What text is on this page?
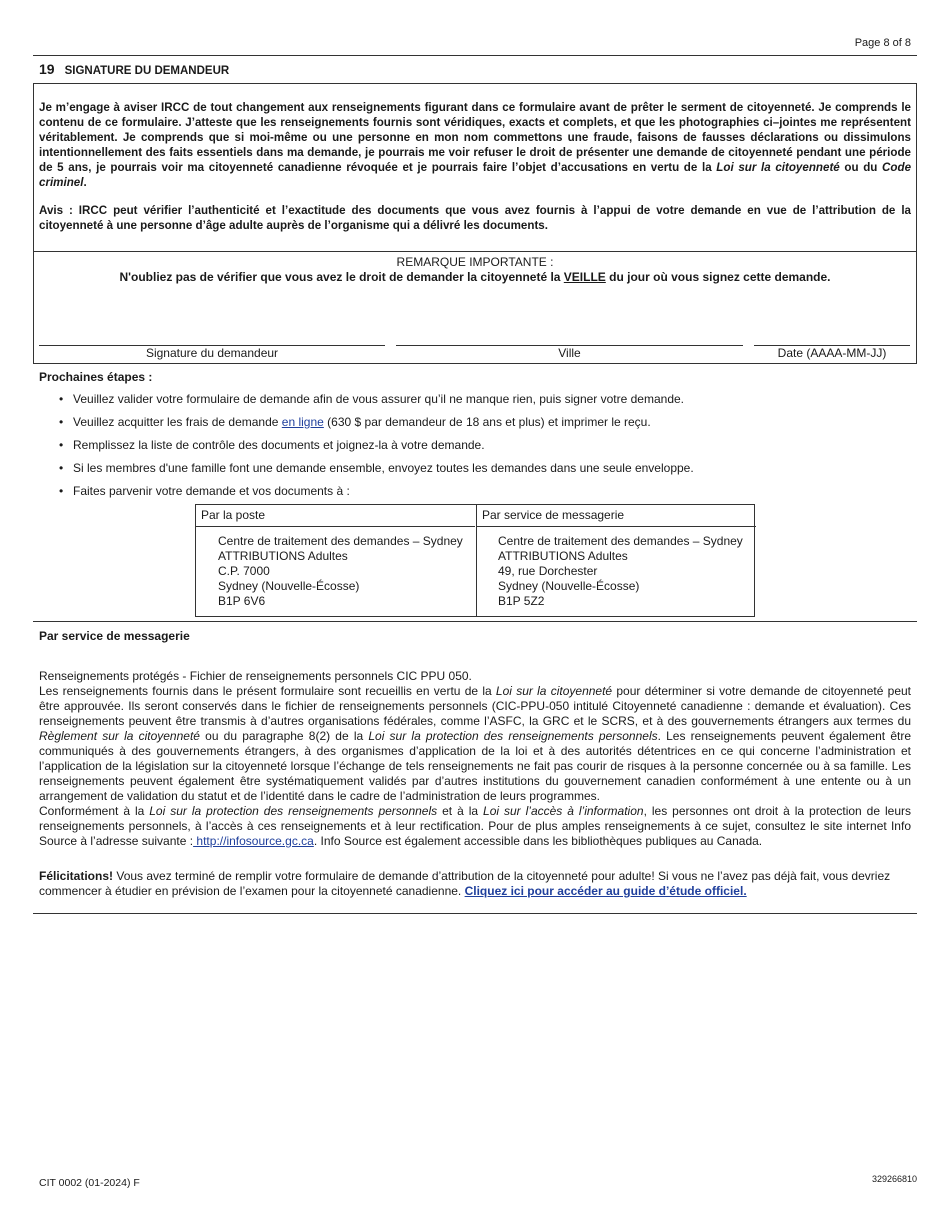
Page 8 of 8
19 SIGNATURE DU DEMANDEUR

Je m’engage à aviser IRCC de tout changement aux renseignements figurant dans ce formulaire avant de prêter le serment de citoyenneté. Je comprends le contenu de ce formulaire. J’atteste que les renseignements fournis sont véridiques, exacts et complets, et que les photographies ci–jointes me représentent véritablement. Je comprends que si moi-même ou une personne en mon nom commettons une fraude, faisons de fausses déclarations ou dissimulons intentionnellement des faits essentiels dans ma demande, je pourrais me voir refuser le droit de présenter une demande de citoyenneté pendant une période de 5 ans, je pourrais voir ma citoyenneté canadienne révoquée et je pourrais faire l’objet d’accusations en vertu de la Loi sur la citoyenneté ou du Code criminel.

Avis : IRCC peut vérifier l’authenticité et l’exactitude des documents que vous avez fournis à l’appui de votre demande en vue de l’attribution de la citoyenneté à une personne d’âge adulte auprès de l’organisme qui a délivré les documents.

REMARQUE IMPORTANTE :
N'oubliez pas de vérifier que vous avez le droit de demander la citoyenneté la VEILLE du jour où vous signez cette demande.
Signature du demandeur	Ville	Date (AAAA-MM-JJ)
Prochaines étapes :
• Veuillez valider votre formulaire de demande afin de vous assurer qu’il ne manque rien, puis signer votre demande.
• Veuillez acquitter les frais de demande en ligne (630 $ par demandeur de 18 ans et plus) et imprimer le reçu.
• Remplissez la liste de contrôle des documents et joignez-la à votre demande.
• Si les membres d'une famille font une demande ensemble, envoyez toutes les demandes dans une seule enveloppe.
• Faites parvenir votre demande et vos documents à :
Par la poste
Centre de traitement des demandes – Sydney
ATTRIBUTIONS Adultes
C.P. 7000
Sydney (Nouvelle-Écosse)
B1P 6V6
Par service de messagerie
Centre de traitement des demandes – Sydney
ATTRIBUTIONS Adultes
49, rue Dorchester
Sydney (Nouvelle-Écosse)
B1P 5Z2
Par service de messagerie

Renseignements protégés - Fichier de renseignements personnels CIC PPU 050.

Les renseignements fournis dans le présent formulaire sont recueillis en vertu de la Loi sur la citoyenneté pour déterminer si votre demande de citoyenneté peut être approuvée. Ils seront conservés dans le fichier de renseignements personnels (CIC-PPU-050 intitulé Citoyenneté canadienne : demande et évaluation). Ces renseignements peuvent être transmis à d’autres organisations fédérales, comme l’ASFC, la GRC et le SCRS, et à des gouvernements étrangers aux termes du Règlement sur la citoyenneté ou du paragraphe 8(2) de la Loi sur la protection des renseignements personnels. Les renseignements peuvent également être communiqués à des gouvernements étrangers, à des organismes d’application de la loi et à des autorités détentrices en ce qui concerne l’administration et l’application de la législation sur la citoyenneté lorsque l’échange de tels renseignements ne fait pas courir de risques à la personne concernée ou à sa famille. Les renseignements peuvent également être systématiquement validés par d’autres institutions du gouvernement canadien conformément à une entente ou à un arrangement de validation du statut et de l’identité dans le cadre de l’administration de leurs programmes.

Conformément à la Loi sur la protection des renseignements personnels et à la Loi sur l’accès à l’information, les personnes ont droit à la protection de leurs renseignements personnels, à l’accès à ces renseignements et à leur rectification. Pour de plus amples renseignements à ce sujet, consultez le site internet Info Source à l’adresse suivante : http://infosource.gc.ca. Info Source est également accessible dans les bibliothèques publiques au Canada.

Félicitations! Vous avez terminé de remplir votre formulaire de demande d’attribution de la citoyenneté pour adulte! Si vous ne l’avez pas déjà fait, vous devriez commencer à étudier en prévision de l’examen pour la citoyenneté canadienne. Cliquez ici pour accéder au guide d’étude officiel.
CIT 0002 (01-2024) F	329266810
